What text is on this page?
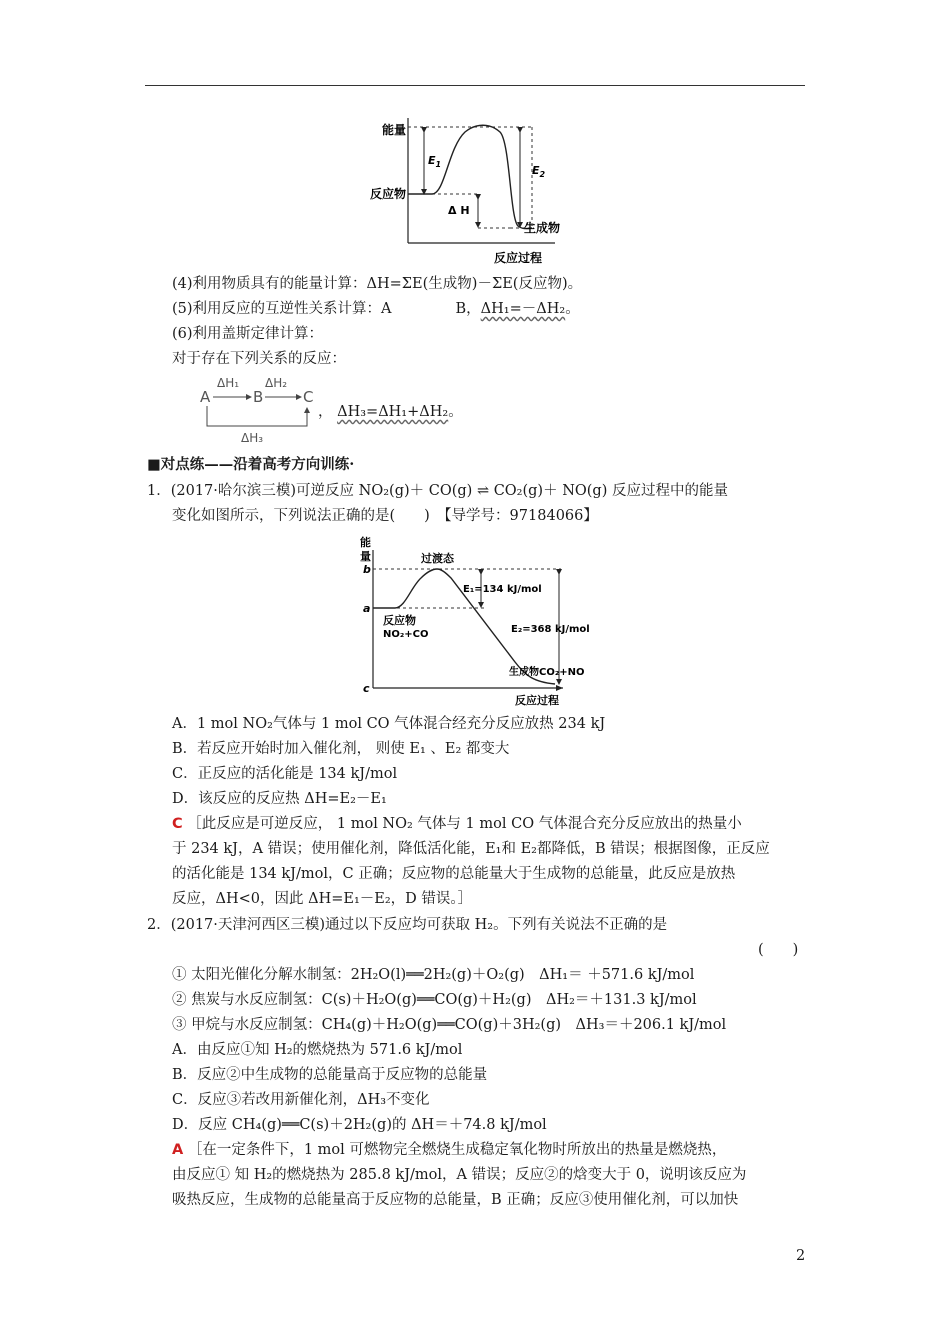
能量
反应物
生成物
反应过程
$E_1$	$E_2$
Δ H
(4)利用物质具有的能量计算：ΔH=ΣE(生成物)－ΣE(反应物)。
(5)利用反应的互逆性关系计算：A	B，ΔH₁=－ΔH₂。
(6)利用盖斯定律计算：
对于存在下列关系的反应：
A	B	C
ΔH₁ ΔH₂
ΔH₃
， ΔH₃=ΔH₁+ΔH₂。
■对点练——沿着高考方向训练·
1．(2017·哈尔滨三模)可逆反应 NO₂(g)＋ CO(g) ⇌ CO₂(g)＋ NO(g) 反应过程中的能量
变化如图所示，下列说法正确的是(　　)　【导学号：97184066】
能
量
b
a
c
过渡态
E₁=134 kJ/mol
E₂=368 kJ/mol
反应物
NO₂+CO
生成物CO₂+NO
反应过程
A．1 mol NO₂气体与 1 mol CO 气体混合经充分反应放热 234 kJ
B．若反应开始时加入催化剂， 则使 E₁ 、E₂ 都变大
C．正反应的活化能是 134 kJ/mol
D．该反应的反应热 ΔH=E₂－E₁
C ［此反应是可逆反应， 1 mol NO₂ 气体与 1 mol CO 气体混合充分反应放出的热量小
于 234 kJ，A 错误；使用催化剂，降低活化能，E₁和 E₂都降低，B 错误；根据图像，正反应
的活化能是 134 kJ/mol，C 正确；反应物的总能量大于生成物的总能量，此反应是放热
反应，ΔH<0，因此 ΔH=E₁－E₂，D 错误。］
2．(2017·天津河西区三模)通过以下反应均可获取 H₂。下列有关说法不正确的是
(　　)
① 太阳光催化分解水制氢：2H₂O(l)══2H₂(g)＋O₂(g)　ΔH₁＝ ＋571.6 kJ/mol
② 焦炭与水反应制氢：C(s)＋H₂O(g)══CO(g)＋H₂(g)　ΔH₂＝＋131.3 kJ/mol
③ 甲烷与水反应制氢：CH₄(g)＋H₂O(g)══CO(g)＋3H₂(g)　ΔH₃＝＋206.1 kJ/mol
A．由反应①知 H₂的燃烧热为 571.6 kJ/mol
B．反应②中生成物的总能量高于反应物的总能量
C．反应③若改用新催化剂，ΔH₃不变化
D．反应 CH₄(g)══C(s)＋2H₂(g)的 ΔH＝＋74.8 kJ/mol
A ［在一定条件下，1 mol 可燃物完全燃烧生成稳定氧化物时所放出的热量是燃烧热，
由反应① 知 H₂的燃烧热为 285.8 kJ/mol，A 错误；反应②的焓变大于 0，说明该反应为
吸热反应，生成物的总能量高于反应物的总能量，B 正确；反应③使用催化剂，可以加快
2
